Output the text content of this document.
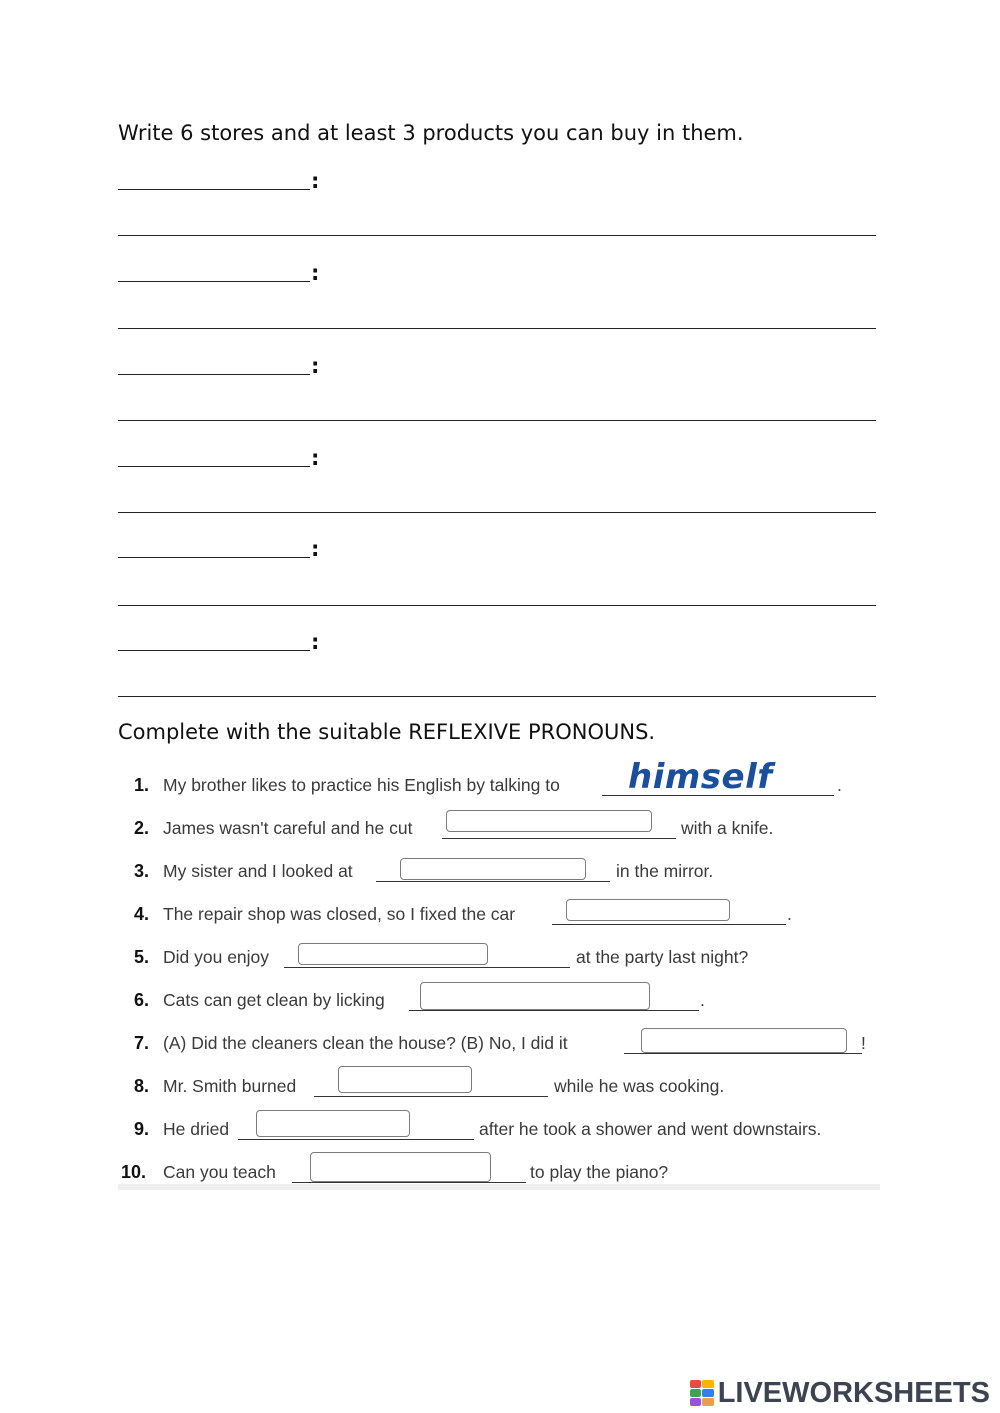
Write 6 stores and at least 3 products you can buy in them.
:
:
:
:
:
:
Complete with the suitable REFLEXIVE PRONOUNS.
1. My brother likes to practice his English by talking to himself	.
2. James wasn't careful and he cut	with a knife.
3. My sister and I looked at	in the mirror.
4. The repair shop was closed, so I fixed the car	.
5. Did you enjoy	at the party last night?
6. Cats can get clean by licking	.
7. (A) Did the cleaners clean the house? (B) No, I did it	!
8. Mr. Smith burned	while he was cooking.
9. He dried	after he took a shower and went downstairs.
10. Can you teach	to play the piano?
LIVEWORKSHEETS
